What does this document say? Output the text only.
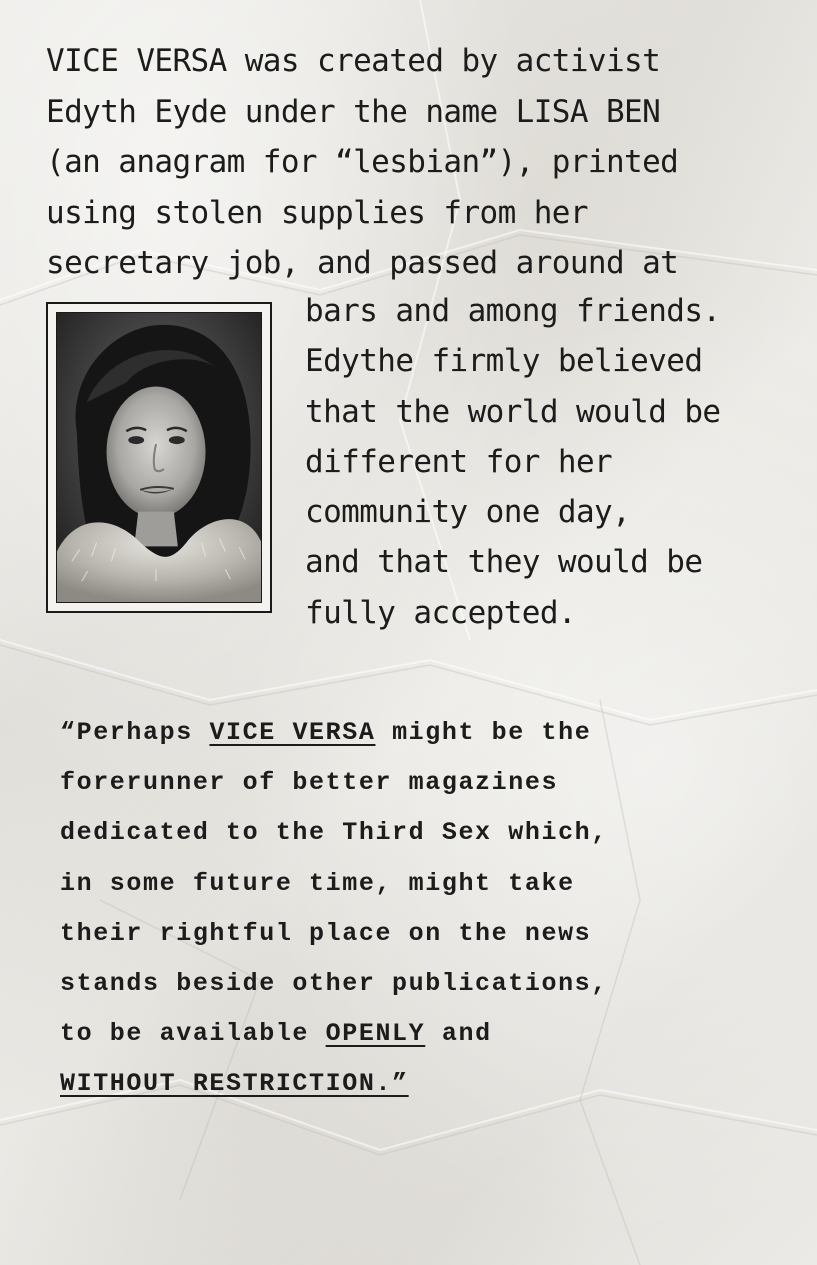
VICE VERSA was created by activist
Edyth Eyde under the name LISA BEN
(an anagram for “lesbian”), printed
using stolen supplies from her
secretary job, and passed around at
bars and among friends.
Edythe firmly believed
that the world would be
different for her
community one day,
and that they would be
fully accepted.
“Perhaps VICE VERSA might be the
forerunner of better magazines
dedicated to the Third Sex which,
in some future time, might take
their rightful place on the news
stands beside other publications,
to be available OPENLY and
WITHOUT RESTRICTION.”
